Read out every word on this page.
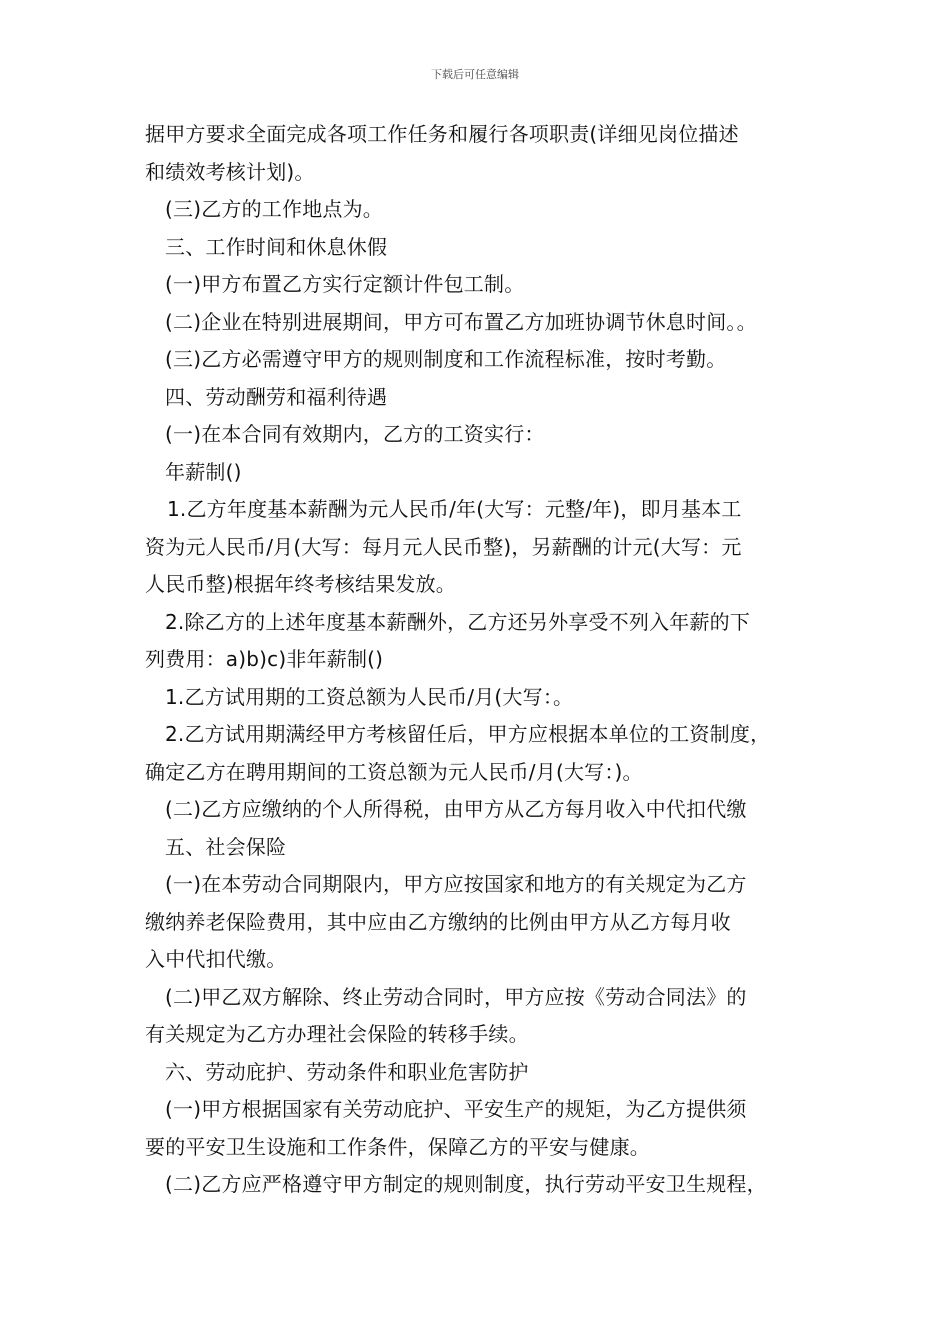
下载后可任意编辑
据甲方要求全面完成各项工作任务和履行各项职责(详细见岗位描述
和绩效考核计划)。
(三)乙方的工作地点为。
三、工作时间和休息休假
(一)甲方布置乙方实行定额计件包工制。
(二)企业在特别进展期间，甲方可布置乙方加班协调节休息时间。。
(三)乙方必需遵守甲方的规则制度和工作流程标准，按时考勤。
四、劳动酬劳和福利待遇
(一)在本合同有效期内，乙方的工资实行：
年薪制()
1.乙方年度基本薪酬为元人民币/年(大写：元整/年)，即月基本工
资为元人民币/月(大写：每月元人民币整)，另薪酬的计元(大写：元
人民币整)根据年终考核结果发放。
2.除乙方的上述年度基本薪酬外，乙方还另外享受不列入年薪的下
列费用：a)b)c)非年薪制()
1.乙方试用期的工资总额为人民币/月(大写：。
2.乙方试用期满经甲方考核留任后，甲方应根据本单位的工资制度，
确定乙方在聘用期间的工资总额为元人民币/月(大写：)。
(二)乙方应缴纳的个人所得税，由甲方从乙方每月收入中代扣代缴
五、社会保险
(一)在本劳动合同期限内，甲方应按国家和地方的有关规定为乙方
缴纳养老保险费用，其中应由乙方缴纳的比例由甲方从乙方每月收
入中代扣代缴。
(二)甲乙双方解除、终止劳动合同时，甲方应按《劳动合同法》的
有关规定为乙方办理社会保险的转移手续。
六、劳动庇护、劳动条件和职业危害防护
(一)甲方根据国家有关劳动庇护、平安生产的规矩，为乙方提供须
要的平安卫生设施和工作条件，保障乙方的平安与健康。
(二)乙方应严格遵守甲方制定的规则制度，执行劳动平安卫生规程，
